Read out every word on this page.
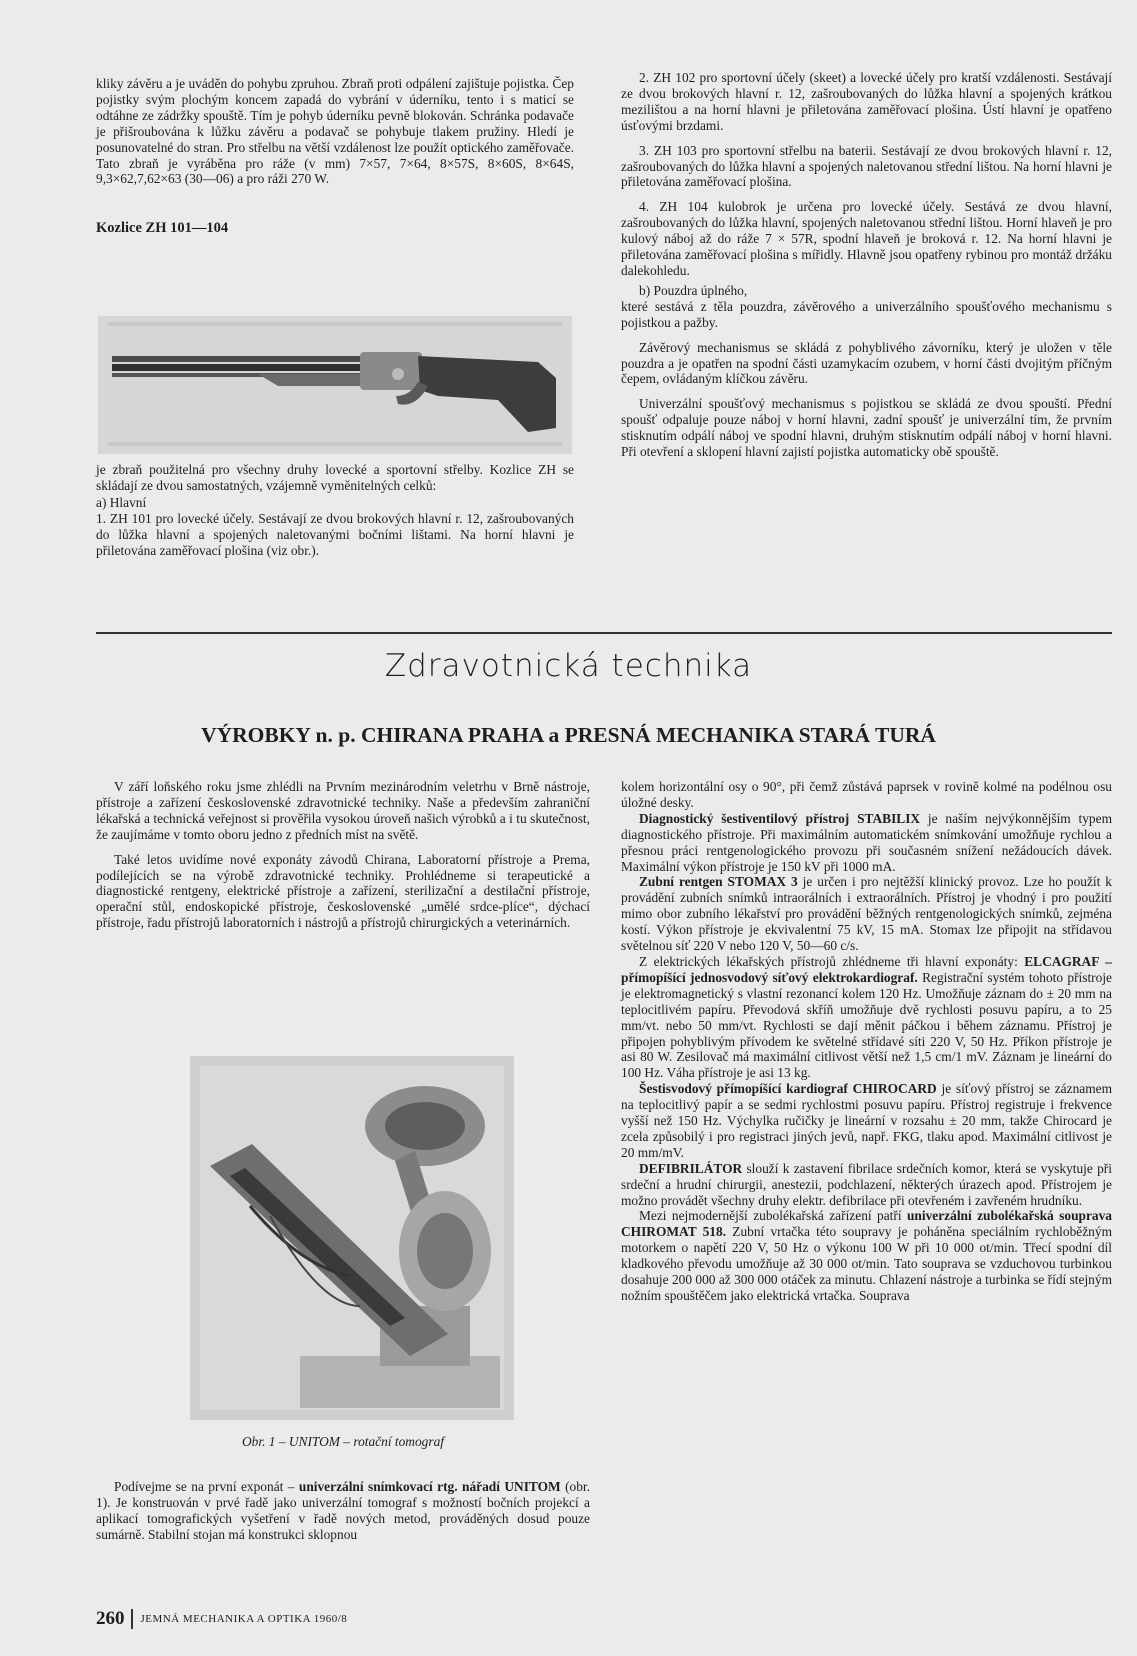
kliky závěru a je uváděn do pohybu zpruhou. Zbraň proti odpálení zajištuje pojistka. Čep pojistky svým plochým koncem zapadá do vybrání v úderníku, tento i s maticí se odtáhne ze zádržky spouště. Tím je pohyb úderníku pevně blokován. Schránka podavače je přišroubována k lůžku závěru a podavač se pohybuje tlakem pružiny. Hledí je posunovatelné do stran. Pro střelbu na větší vzdálenost lze použít optického zaměřovače. Tato zbraň je vyráběna pro ráže (v mm) 7×57, 7×64, 8×57S, 8×60S, 8×64S, 9,3×62,7,62×63 (30—06) a pro ráži 270 W.

Kozlice ZH 101—104

je zbraň použitelná pro všechny druhy lovecké a sportovní střelby. Kozlice ZH se skládají ze dvou samostatných, vzájemně vyměnitelných celků:

a) Hlavní

1. ZH 101 pro lovecké účely. Sestávají ze dvou brokových hlavní r. 12, zašroubovaných do lůžka hlavní a spojených naletovanými bočními lištami. Na horní hlavni je přiletována zaměřovací plošina (viz obr.).

2. ZH 102 pro sportovní účely (skeet) a lovecké účely pro kratší vzdálenosti. Sestávají ze dvou brokových hlavní r. 12, zašroubovaných do lůžka hlavní a spojených krátkou mezilištou a na horní hlavni je přiletována zaměřovací plošina. Ústí hlavní je opatřeno úsťovými brzdami.

3. ZH 103 pro sportovní střelbu na baterii. Sestávají ze dvou brokových hlavní r. 12, zašroubovaných do lůžka hlavní a spojených naletovanou střední lištou. Na horní hlavni je přiletována zaměřovací plošina.

4. ZH 104 kulobrok je určena pro lovecké účely. Sestává ze dvou hlavní, zašroubovaných do lůžka hlavní, spojených naletovanou střední lištou. Horní hlaveň je pro kulový náboj až do ráže 7 × 57R, spodní hlaveň je broková r. 12. Na horní hlavni je přiletována zaměřovací plošina s mířidly. Hlavně jsou opatřeny rybinou pro montáž držáku dalekohledu.

b) Pouzdra úplného,

které sestává z těla pouzdra, závěrového a univerzálního spoušťového mechanismu s pojistkou a pažby.

Závěrový mechanismus se skládá z pohyblivého závorníku, který je uložen v těle pouzdra a je opatřen na spodní části uzamykacím ozubem, v horní části dvojitým příčným čepem, ovládaným klíčkou závěru.

Univerzální spoušťový mechanismus s pojistkou se skládá ze dvou spouští. Přední spoušť odpaluje pouze náboj v horní hlavni, zadní spoušť je univerzální tím, že prvním stisknutím odpálí náboj ve spodní hlavni, druhým stisknutím odpálí náboj v horní hlavni. Při otevření a sklopení hlavní zajistí pojistka automaticky obě spouště.

Zdravotnická technika
VÝROBKY n. p. CHIRANA PRAHA a PRESNÁ MECHANIKA STARÁ TURÁ

V září loňského roku jsme zhlédli na Prvním mezinárodním veletrhu v Brně nástroje, přístroje a zařízení československé zdravotnické techniky. Naše a především zahraniční lékařská a technická veřejnost si prověřila vysokou úroveň našich výrobků a i tu skutečnost, že zaujímáme v tomto oboru jedno z předních míst na světě.

Také letos uvidíme nové exponáty závodů Chirana, Laboratorní přístroje a Prema, podílejících se na výrobě zdravotnické techniky. Prohlédneme si terapeutické a diagnostické rentgeny, elektrické přístroje a zařízení, sterilizační a destilační přístroje, operační stůl, endoskopické přístroje, československé „umělé srdce-plíce“, dýchací přístroje, řadu přístrojů laboratorních i nástrojů a přístrojů chirurgických a veterinárních.

Obr. 1 – UNITOM – rotační tomograf

Podívejme se na první exponát – univerzální snímkovací rtg. nářadí UNITOM (obr. 1). Je konstruován v prvé řadě jako univerzální tomograf s možností bočních projekcí a aplikací tomografických vyšetření v řadě nových metod, prováděných dosud pouze sumárně. Stabilní stojan má konstrukci sklopnou

kolem horizontální osy o 90°, při čemž zůstává paprsek v rovině kolmé na podélnou osu úložné desky.

Diagnostický šestiventilový přístroj STABILIX je naším nejvýkonnějším typem diagnostického přístroje. Při maximálním automatickém snímkování umožňuje rychlou a přesnou práci rentgenologického provozu při současném snížení nežádoucích dávek. Maximální výkon přístroje je 150 kV při 1000 mA.

Zubní rentgen STOMAX 3 je určen i pro nejtěžší klinický provoz. Lze ho použít k provádění zubních snímků intraorálních i extraorálních. Přístroj je vhodný i pro použití mimo obor zubního lékařství pro provádění běžných rentgenologických snímků, zejména kostí. Výkon přístroje je ekvivalentní 75 kV, 15 mA. Stomax lze připojit na střídavou světelnou síť 220 V nebo 120 V, 50—60 c/s.

Z elektrických lékařských přístrojů zhlédneme tři hlavní exponáty: ELCAGRAF – přímopíšící jednosvodový síťový elektrokardiograf. Registrační systém tohoto přístroje je elektromagnetický s vlastní rezonancí kolem 120 Hz. Umožňuje záznam do ± 20 mm na teplocitlivém papíru. Převodová skříň umožňuje dvě rychlosti posuvu papíru, a to 25 mm/vt. nebo 50 mm/vt. Rychlosti se dají měnit páčkou i během záznamu. Přístroj je připojen pohyblivým přívodem ke světelné střídavé síti 220 V, 50 Hz. Příkon přístroje je asi 80 W. Zesilovač má maximální citlivost větší než 1,5 cm/1 mV. Záznam je lineární do 100 Hz. Váha přístroje je asi 13 kg.

Šestisvodový přímopíšící kardiograf CHIROCARD je síťový přístroj se záznamem na teplocitlivý papír a se sedmi rychlostmi posuvu papíru. Přístroj registruje i frekvence vyšší než 150 Hz. Výchylka ručičky je lineární v rozsahu ± 20 mm, takže Chirocard je zcela způsobilý i pro registraci jiných jevů, např. FKG, tlaku apod. Maximální citlivost je 20 mm/mV.

DEFIBRILÁTOR slouží k zastavení fibrilace srdečních komor, která se vyskytuje při srdeční a hrudní chirurgii, anestezii, podchlazení, některých úrazech apod. Přístrojem je možno provádět všechny druhy elektr. defibrilace při otevřeném i zavřeném hrudníku.

Mezi nejmodernější zubolékařská zařízení patří univerzální zubolékařská souprava CHIROMAT 518. Zubní vrtačka této soupravy je poháněna speciálním rychloběžným motorkem o napětí 220 V, 50 Hz o výkonu 100 W při 10 000 ot/min. Třecí spodní díl kladkového převodu umožňuje až 30 000 ot/min. Tato souprava se vzduchovou turbinkou dosahuje 200 000 až 300 000 otáček za minutu. Chlazení nástroje a turbinka se řídí stejným nožním spouštěčem jako elektrická vrtačka. Souprava

260 JEMNÁ MECHANIKA A OPTIKA 1960/8
